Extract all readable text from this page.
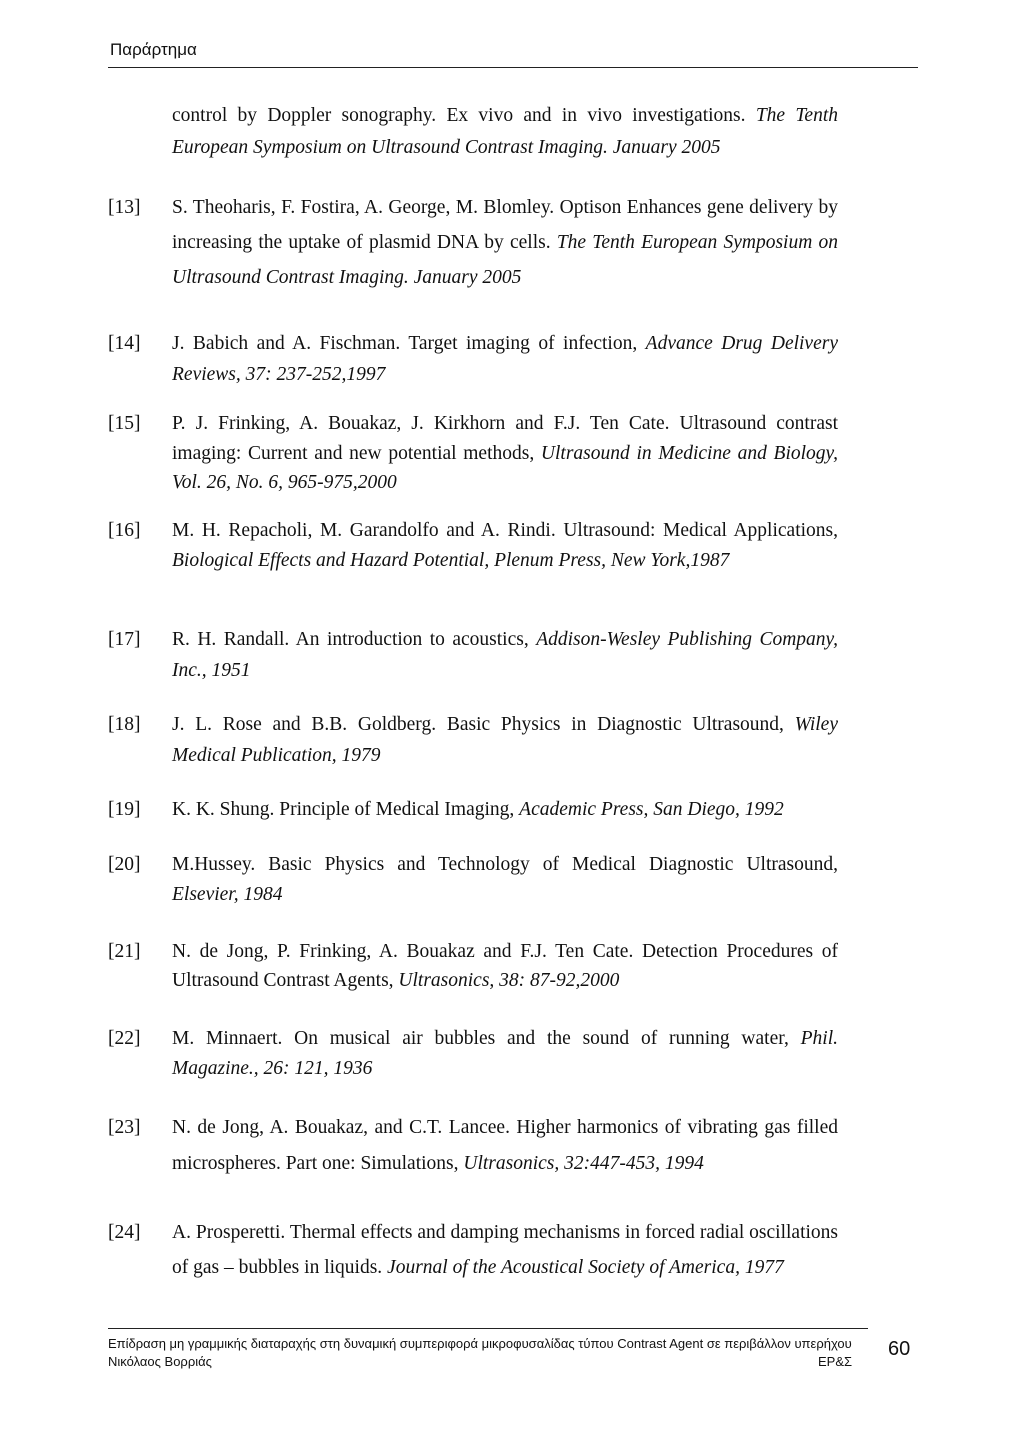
Παράρτημα
control by Doppler sonography. Ex vivo and in vivo investigations. The Tenth European Symposium on Ultrasound Contrast Imaging. January 2005
[13]	S. Theoharis, F. Fostira, A. George, M. Blomley. Optison Enhances gene delivery by increasing the uptake of plasmid DNA by cells. The Tenth European Symposium on Ultrasound Contrast Imaging. January 2005
[14]	J. Babich and A. Fischman. Target imaging of infection, Advance Drug Delivery Reviews, 37: 237-252,1997
[15]	P. J. Frinking, A. Bouakaz, J. Kirkhorn and F.J. Ten Cate. Ultrasound contrast imaging: Current and new potential methods, Ultrasound in Medicine and Biology, Vol. 26, No. 6, 965-975,2000
[16]	M. H. Repacholi, M. Garandolfo and A. Rindi. Ultrasound: Medical Applications, Biological Effects and Hazard Potential, Plenum Press, New York,1987
[17]	R. H. Randall. An introduction to acoustics, Addison-Wesley Publishing Company, Inc., 1951
[18]	J. L. Rose and B.B. Goldberg. Basic Physics in Diagnostic Ultrasound, Wiley Medical Publication, 1979
[19]	K. K. Shung. Principle of Medical Imaging, Academic Press, San Diego, 1992
[20]	M.Hussey. Basic Physics and Technology of Medical Diagnostic Ultrasound, Elsevier, 1984
[21]	N. de Jong, P. Frinking, A. Bouakaz and F.J. Ten Cate. Detection Procedures of Ultrasound Contrast Agents, Ultrasonics, 38: 87-92,2000
[22]	M. Minnaert. On musical air bubbles and the sound of running water, Phil. Magazine., 26: 121, 1936
[23]	N. de Jong, A. Bouakaz, and C.T. Lancee. Higher harmonics of vibrating gas filled microspheres. Part one: Simulations, Ultrasonics, 32:447-453, 1994
[24]	A. Prosperetti. Thermal effects and damping mechanisms in forced radial oscillations of gas – bubbles in liquids. Journal of the Acoustical Society of America, 1977
Επίδραση μη γραμμικής διαταραχής στη δυναμική συμπεριφορά μικροφυσαλίδας τύπου Contrast Agent σε περιβάλλον υπερήχου
Νικόλαος Βορριάς	ΕΡ&Σ
60
